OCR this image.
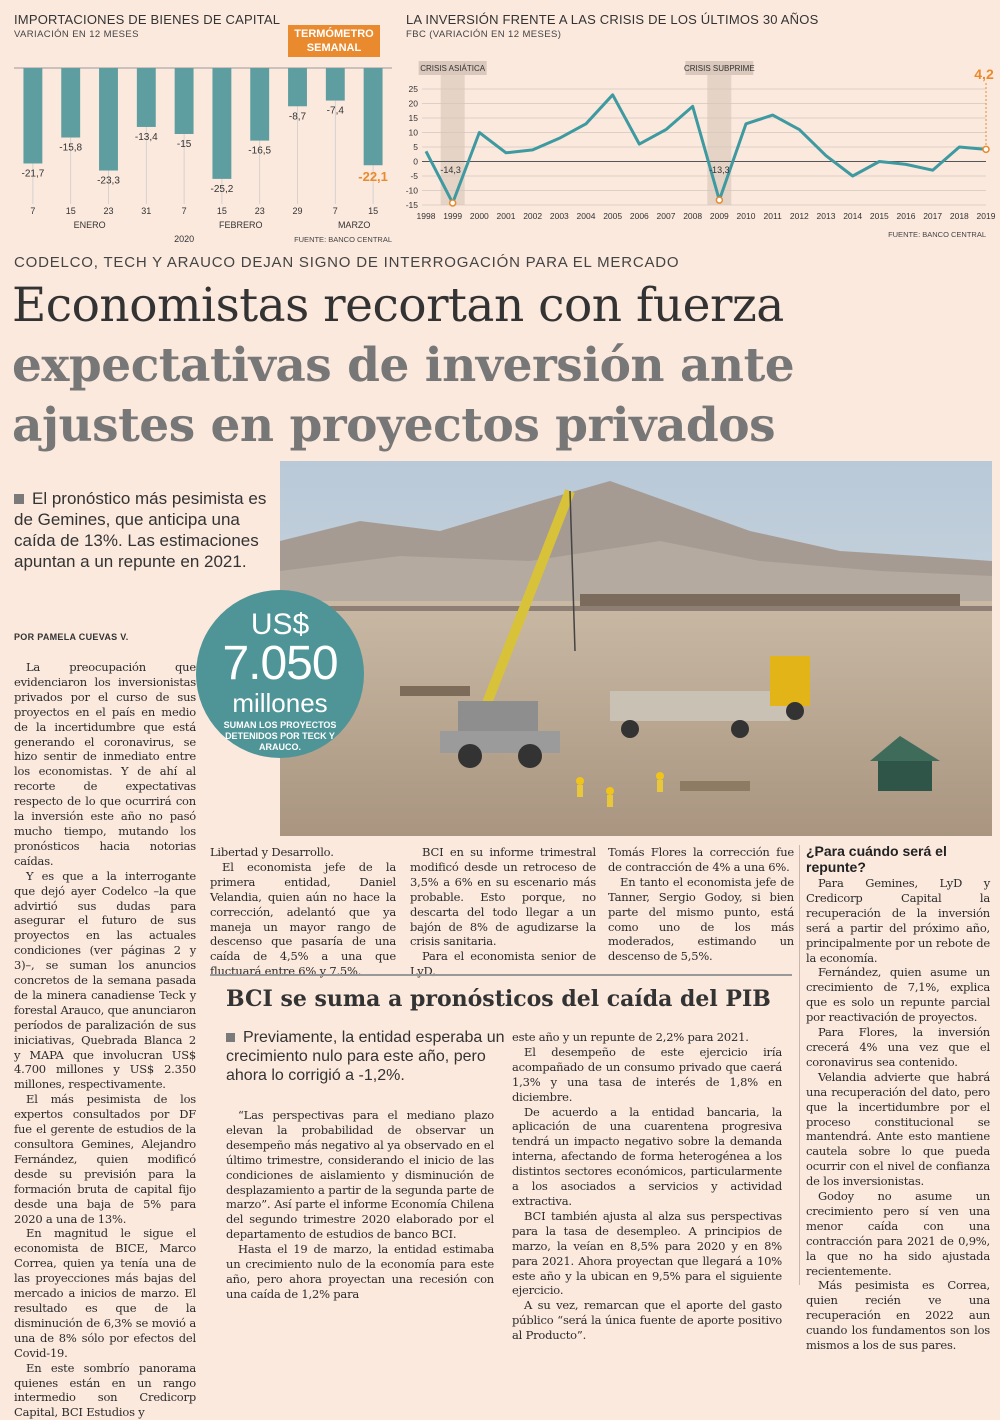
IMPORTACIONES DE BIENES DE CAPITAL
VARIACIÓN EN 12 MESES	TERMÓMETRO
SEMANAL
-21,7
7
-15,8
15
-23,3
23
-13,4
31
-15
7
-25,2
15
-16,5
23
-8,7
29
-7,4
7
-22,1
15
ENERO	FEBRERO	MARZO
2020	FUENTE: BANCO CENTRAL
LA INVERSIÓN FRENTE A LAS CRISIS DE LOS ÚLTIMOS 30 AÑOS
FBC (VARIACIÓN EN 12 MESES)
CRISIS ASIÁTICA	CRISIS SUBPRIME
25
20
15
10
5
0
-5
-10
-15
1998 1999 2000 2001 2002 2003 2004 2005 2006 2007 2008 2009 2010 2011 2012 2013 2014 2015 2016 2017 2018 2019
-14,3	-13,3
4,2
FUENTE: BANCO CENTRAL
CODELCO, TECH Y ARAUCO DEJAN SIGNO DE INTERROGACIÓN PARA EL MERCADO
Economistas recortan con fuerza
expectativas de inversión ante
ajustes en proyectos privados
El pronóstico más pesimista es de Gemines, que anticipa una caída de 13%. Las estimaciones apuntan a un repunte en 2021.
POR PAMELA CUEVAS V.	US$
7.050
millones
SUMAN LOS PROYECTOS DETENIDOS POR TECK Y ARAUCO.

La preocupación que evidenciaron los inversionistas privados por el curso de sus proyectos en el país en medio de la incertidumbre que está generando el coronavirus, se hizo sentir de inmediato entre los economistas. Y de ahí al recorte de expectativas respecto de lo que ocurrirá con la inversión este año no pasó mucho tiempo, mutando los pronósticos hacia notorias caídas.

Y es que a la interrogante que dejó ayer Codelco –la que advirtió sus dudas para asegurar el futuro de sus proyectos en las actuales condiciones (ver páginas 2 y 3)–, se suman los anuncios concretos de la semana pasada de la minera canadiense Teck y forestal Arauco, que anunciaron períodos de paralización de sus iniciativas, Quebrada Blanca 2 y MAPA que involucran US$ 4.700 millones y US$ 2.350 millones, respectivamente.

El más pesimista de los expertos consultados por DF fue el gerente de estudios de la consultora Gemines, Alejandro Fernández, quien modificó desde su previsión para la formación bruta de capital fijo desde una baja de 5% para 2020 a una de 13%.

En magnitud le sigue el economista de BICE, Marco Correa, quien ya tenía una de las proyecciones más bajas del mercado a inicios de marzo. El resultado es que de la disminución de 6,3% se movió a una de 8% sólo por efectos del Covid-19.

En este sombrío panorama quienes están en un rango intermedio son Credicorp Capital, BCI Estudios y

Libertad y Desarrollo.

El economista jefe de la primera entidad, Daniel Velandia, quien aún no hace la corrección, adelantó que ya maneja un mayor rango de descenso que pasaría de una caída de 4,5% a una que fluctuará entre 6% y 7,5%.

BCI en su informe trimestral modificó desde un retroceso de 3,5% a 6% en su escenario más probable. Esto porque, no descarta del todo llegar a un bajón de 8% de agudizarse la crisis sanitaria.

Para el economista senior de LyD,

Tomás Flores la corrección fue de contracción de 4% a una 6%.

En tanto el economista jefe de Tanner, Sergio Godoy, si bien parte del mismo punto, está como uno de los más moderados, estimando un descenso de 5,5%.

¿Para cuándo será el repunte?

Para Gemines, LyD y Credicorp Capital la recuperación de la inversión será a partir del próximo año, principalmente por un rebote de la economía.

Fernández, quien asume un crecimiento de 7,1%, explica que es solo un repunte parcial por reactivación de proyectos.

Para Flores, la inversión crecerá 4% una vez que el coronavirus sea contenido.

Velandia advierte que habrá una recuperación del dato, pero que la incertidumbre por el proceso constitucional se mantendrá. Ante esto mantiene cautela sobre lo que pueda ocurrir con el nivel de confianza de los inversionistas.

Godoy no asume un crecimiento pero sí ven una menor caída con una contracción para 2021 de 0,9%, la que no ha sido ajustada recientemente.

Más pesimista es Correa, quien recién ve una recuperación en 2022 aun cuando los fundamentos son los mismos a los de sus pares.

BCI se suma a pronósticos del caída del PIB
Previamente, la entidad esperaba un crecimiento nulo para este año, pero ahora lo corrigió a -1,2%.

“Las perspectivas para el mediano plazo elevan la probabilidad de observar un desempeño más negativo al ya observado en el último trimestre, considerando el inicio de las condiciones de aislamiento y disminución de desplazamiento a partir de la segunda parte de marzo”. Así parte el informe Economía Chilena del segundo trimestre 2020 elaborado por el departamento de estudios de banco BCI.

Hasta el 19 de marzo, la entidad estimaba un crecimiento nulo de la economía para este año, pero ahora proyectan una recesión con una caída de 1,2% para

este año y un repunte de 2,2% para 2021.

El desempeño de este ejercicio iría acompañado de un consumo privado que caerá 1,3% y una tasa de interés de 1,8% en diciembre.

De acuerdo a la entidad bancaria, la aplicación de una cuarentena progresiva tendrá un impacto negativo sobre la demanda interna, afectando de forma heterogénea a los distintos sectores económicos, particularmente a los asociados a servicios y actividad extractiva.

BCI también ajusta al alza sus perspectivas para la tasa de desempleo. A principios de marzo, la veían en 8,5% para 2020 y en 8% para 2021. Ahora proyectan que llegará a 10% este año y la ubican en 9,5% para el siguiente ejercicio.

A su vez, remarcan que el aporte del gasto público “será la única fuente de aporte positivo al Producto”.
